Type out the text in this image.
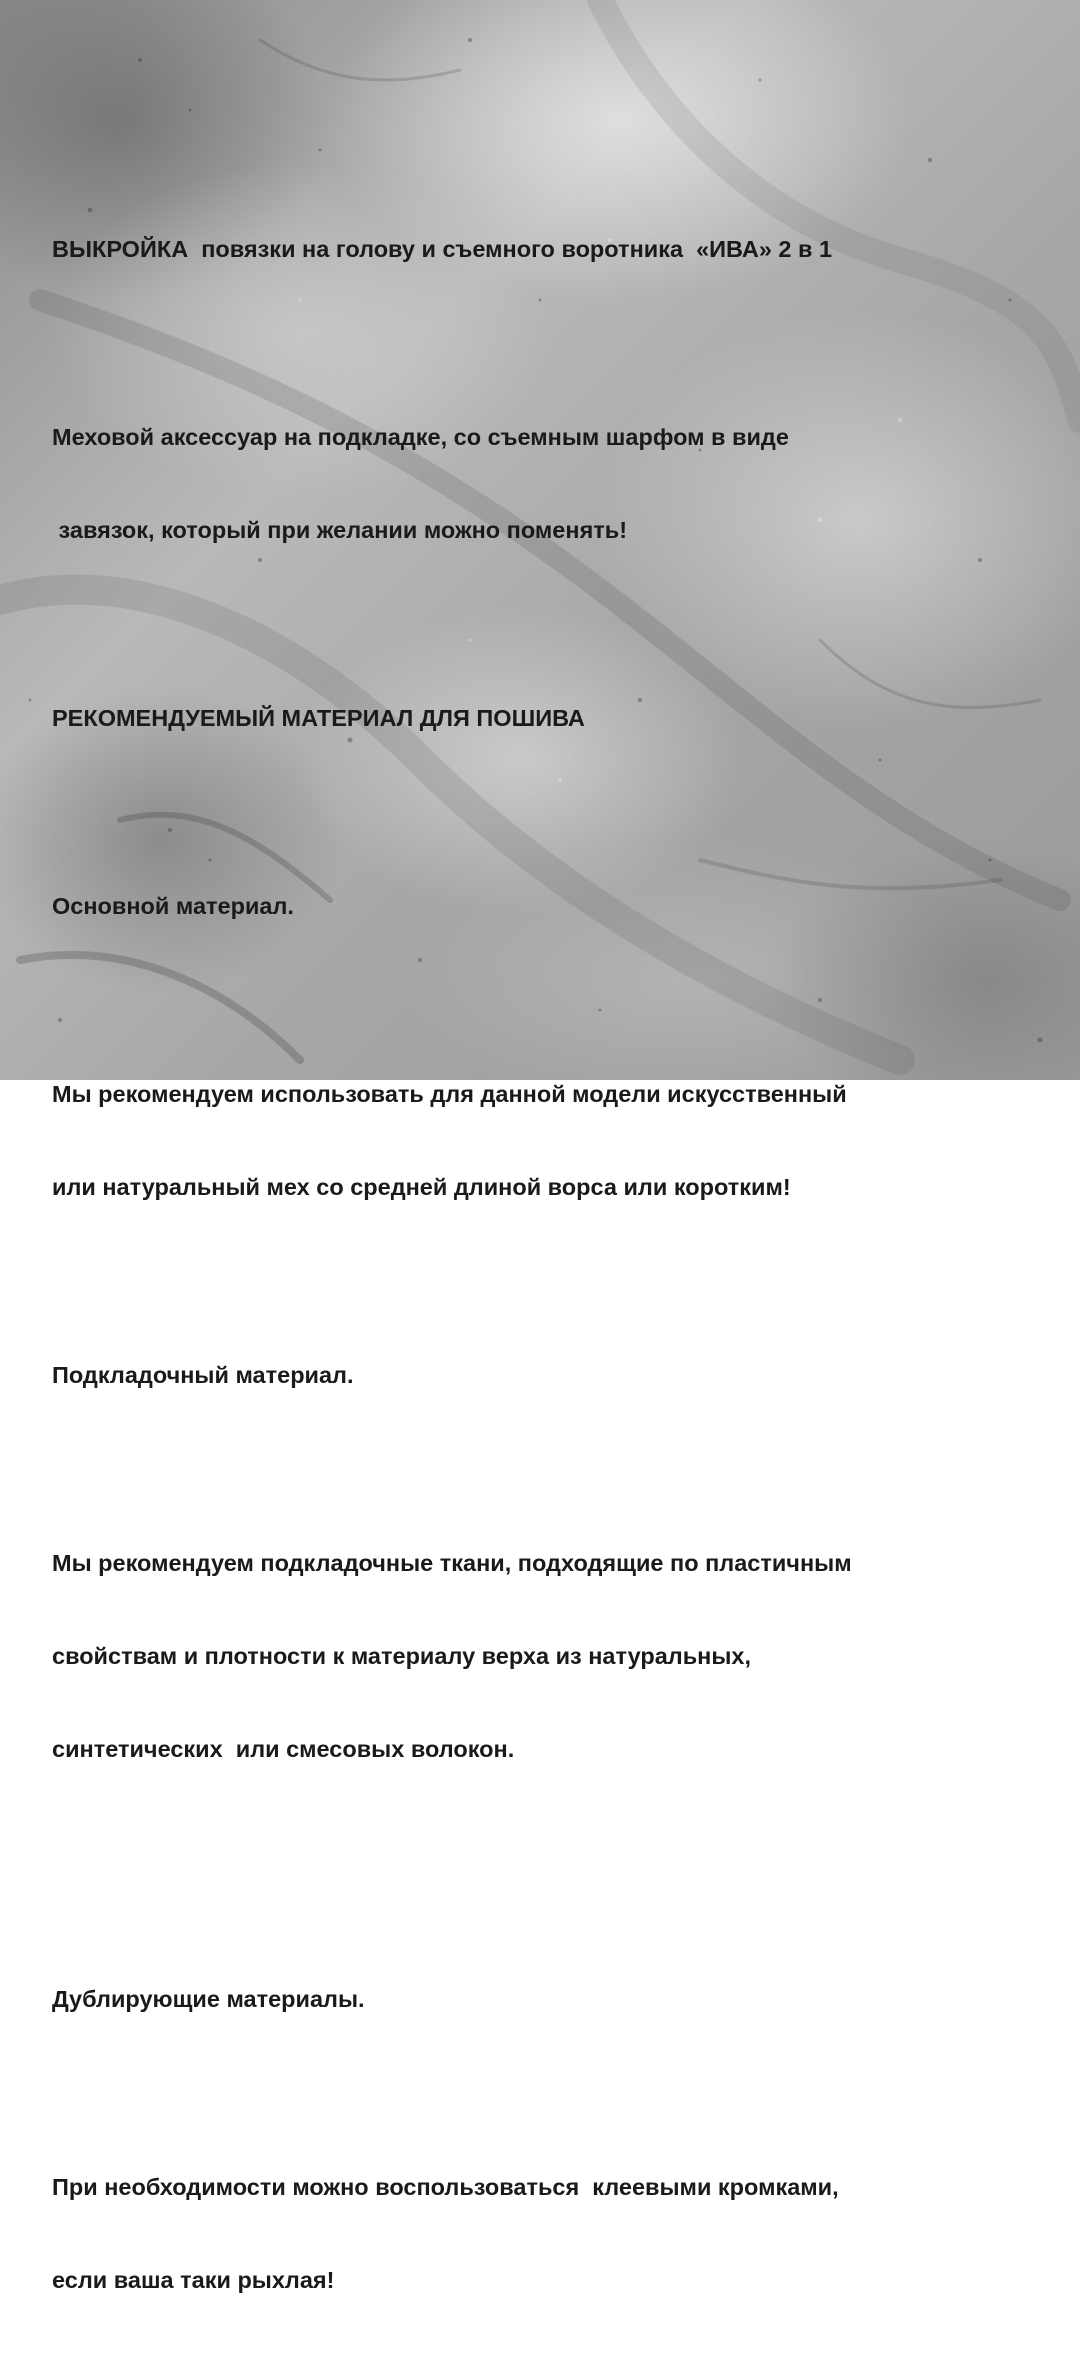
ВЫКРОЙКА  повязки на голову и съемного воротника  «ИВА» 2 в 1

Меховой аксессуар на подкладке, со съемным шарфом в виде

завязок, который при желании можно поменять!

РЕКОМЕНДУЕМЫЙ МАТЕРИАЛ ДЛЯ ПОШИВА

Основной материал.

Мы рекомендуем использовать для данной модели искусственный

или натуральный мех со средней длиной ворса или коротким!

Подкладочный материал.

Мы рекомендуем подкладочные ткани, подходящие по пластичным

свойствам и плотности к материалу верха из натуральных,

синтетических  или смесовых волокон.

Дублирующие материалы.

При необходимости можно воспользоваться  клеевыми кромками,

если ваша таки рыхлая!
